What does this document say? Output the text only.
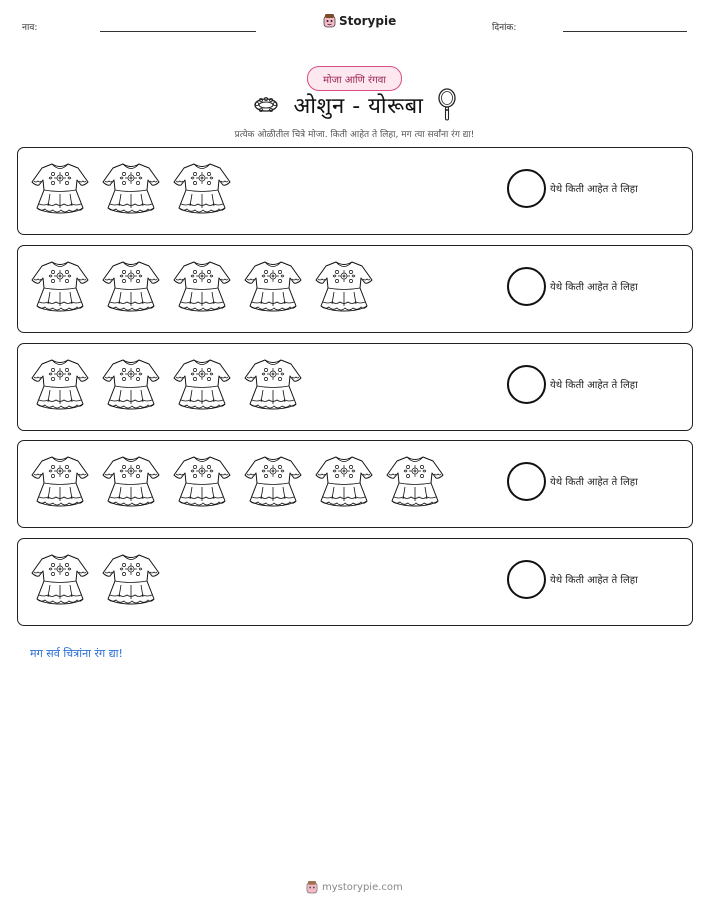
नाव:
Storypie
दिनांक:
मोजा आणि रंगवा
ओशुन - योरूबा
प्रत्येक ओळीतील चित्रे मोजा. किती आहेत ते लिहा, मग त्या सर्वांना रंग द्या!
येथे किती आहेत ते लिहा
येथे किती आहेत ते लिहा
येथे किती आहेत ते लिहा
येथे किती आहेत ते लिहा
येथे किती आहेत ते लिहा
मग सर्व चित्रांना रंग द्या!
mystorypie.com
